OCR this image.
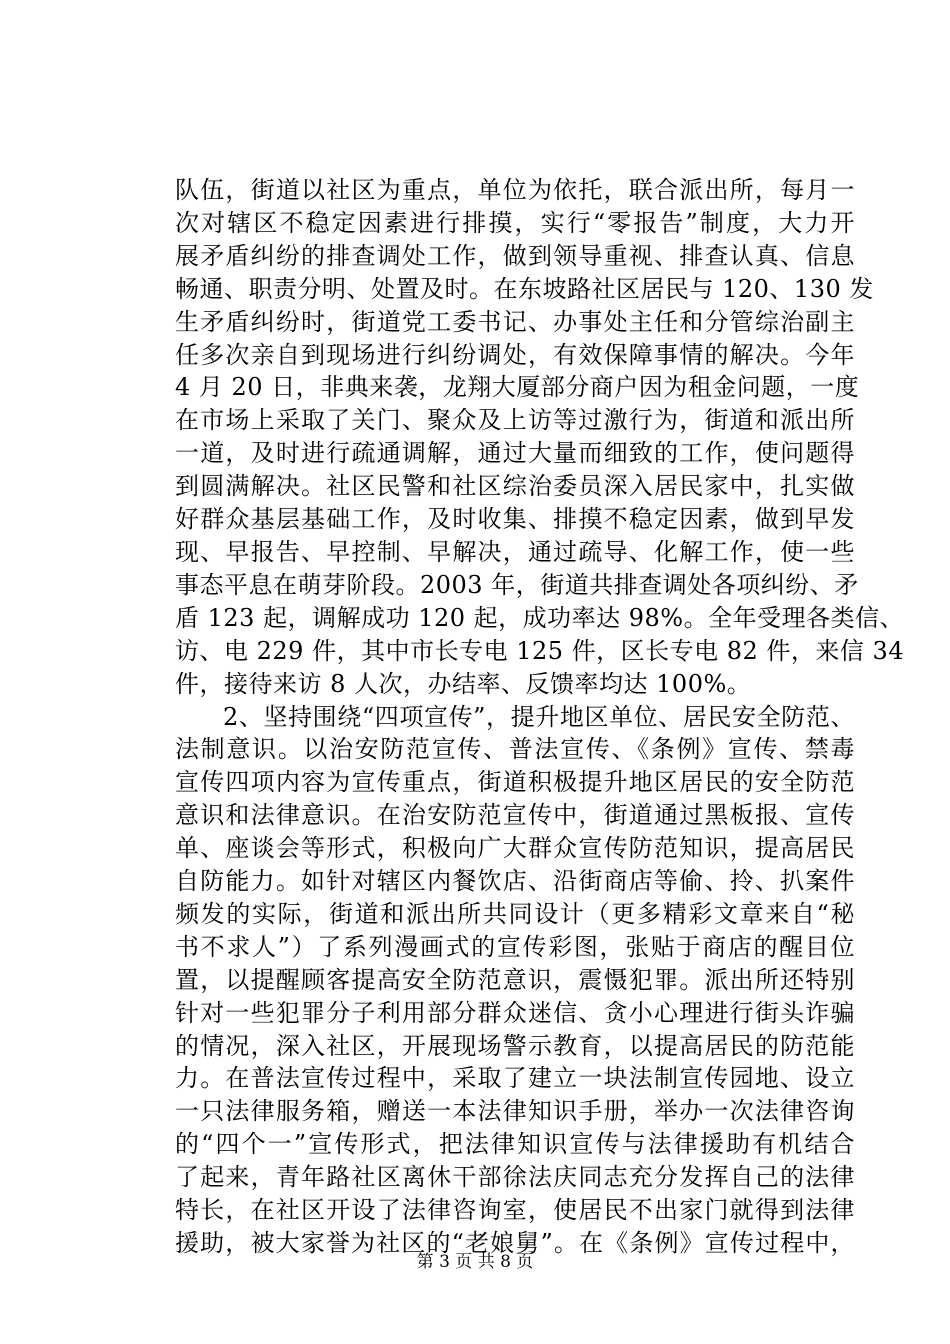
队伍，街道以社区为重点，单位为依托，联合派出所，每月一
次对辖区不稳定因素进行排摸，实行“零报告”制度，大力开
展矛盾纠纷的排查调处工作，做到领导重视、排查认真、信息
畅通、职责分明、处置及时。在东坡路社区居民与 120、130 发
生矛盾纠纷时，街道党工委书记、办事处主任和分管综治副主
任多次亲自到现场进行纠纷调处，有效保障事情的解决。今年
4 月 20 日，非典来袭，龙翔大厦部分商户因为租金问题，一度
在市场上采取了关门、聚众及上访等过激行为，街道和派出所
一道，及时进行疏通调解，通过大量而细致的工作，使问题得
到圆满解决。社区民警和社区综治委员深入居民家中，扎实做
好群众基层基础工作，及时收集、排摸不稳定因素，做到早发
现、早报告、早控制、早解决，通过疏导、化解工作，使一些
事态平息在萌芽阶段。2003 年，街道共排查调处各项纠纷、矛
盾 123 起，调解成功 120 起，成功率达 98%。全年受理各类信、
访、电 229 件，其中市长专电 125 件，区长专电 82 件，来信 34
件，接待来访 8 人次，办结率、反馈率均达 100%。
2、坚持围绕“四项宣传”，提升地区单位、居民安全防范、
法制意识。以治安防范宣传、普法宣传、《条例》宣传、禁毒
宣传四项内容为宣传重点，街道积极提升地区居民的安全防范
意识和法律意识。在治安防范宣传中，街道通过黑板报、宣传
单、座谈会等形式，积极向广大群众宣传防范知识，提高居民
自防能力。如针对辖区内餐饮店、沿街商店等偷、拎、扒案件
频发的实际，街道和派出所共同设计（更多精彩文章来自“秘
书不求人”）了系列漫画式的宣传彩图，张贴于商店的醒目位
置，以提醒顾客提高安全防范意识，震慑犯罪。派出所还特别
针对一些犯罪分子利用部分群众迷信、贪小心理进行街头诈骗
的情况，深入社区，开展现场警示教育，以提高居民的防范能
力。在普法宣传过程中，采取了建立一块法制宣传园地、设立
一只法律服务箱，赠送一本法律知识手册，举办一次法律咨询
的“四个一”宣传形式，把法律知识宣传与法律援助有机结合
了起来，青年路社区离休干部徐法庆同志充分发挥自己的法律
特长，在社区开设了法律咨询室，使居民不出家门就得到法律
援助，被大家誉为社区的“老娘舅”。在《条例》宣传过程中，
第 3 页 共 8 页
